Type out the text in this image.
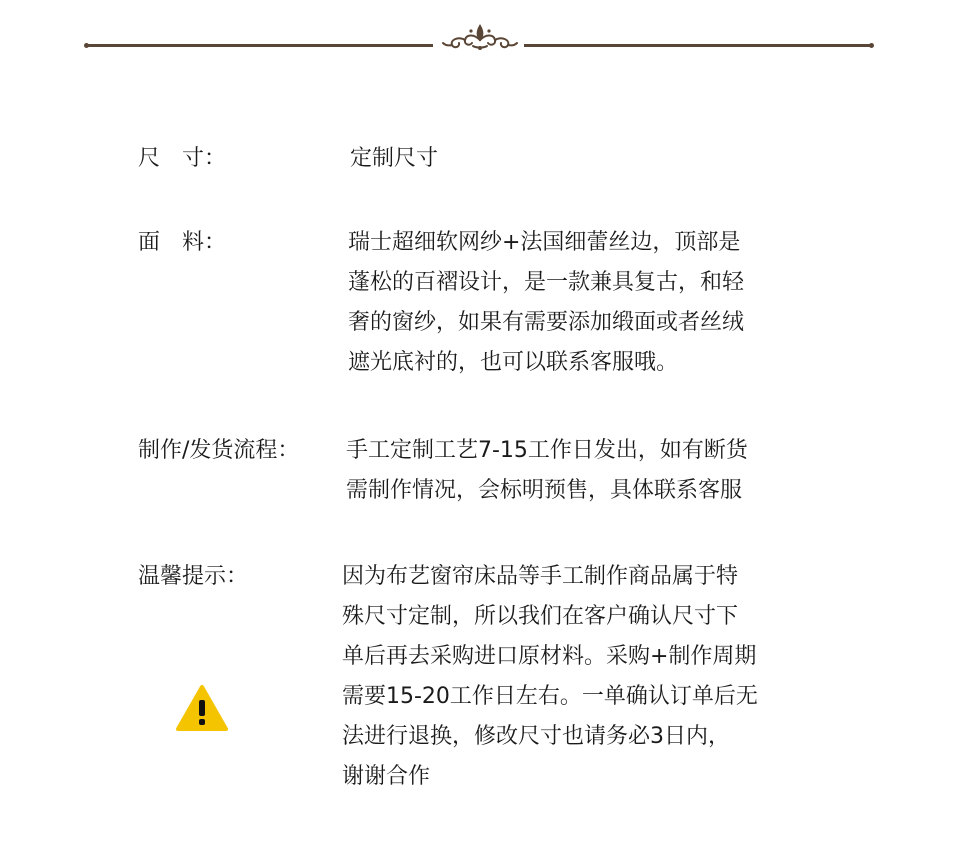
尺　寸：	定制尺寸
面　料：	瑞士超细软网纱+法国细蕾丝边，顶部是
蓬松的百褶设计，是一款兼具复古，和轻
奢的窗纱，如果有需要添加缎面或者丝绒
遮光底衬的，也可以联系客服哦。
制作/发货流程： 手工定制工艺7-15工作日发出，如有断货
需制作情况，会标明预售，具体联系客服
温馨提示：	因为布艺窗帘床品等手工制作商品属于特
殊尺寸定制，所以我们在客户确认尺寸下
单后再去采购进口原材料。采购+制作周期
需要15-20工作日左右。一单确认订单后无
法进行退换，修改尺寸也请务必3日内，
谢谢合作
